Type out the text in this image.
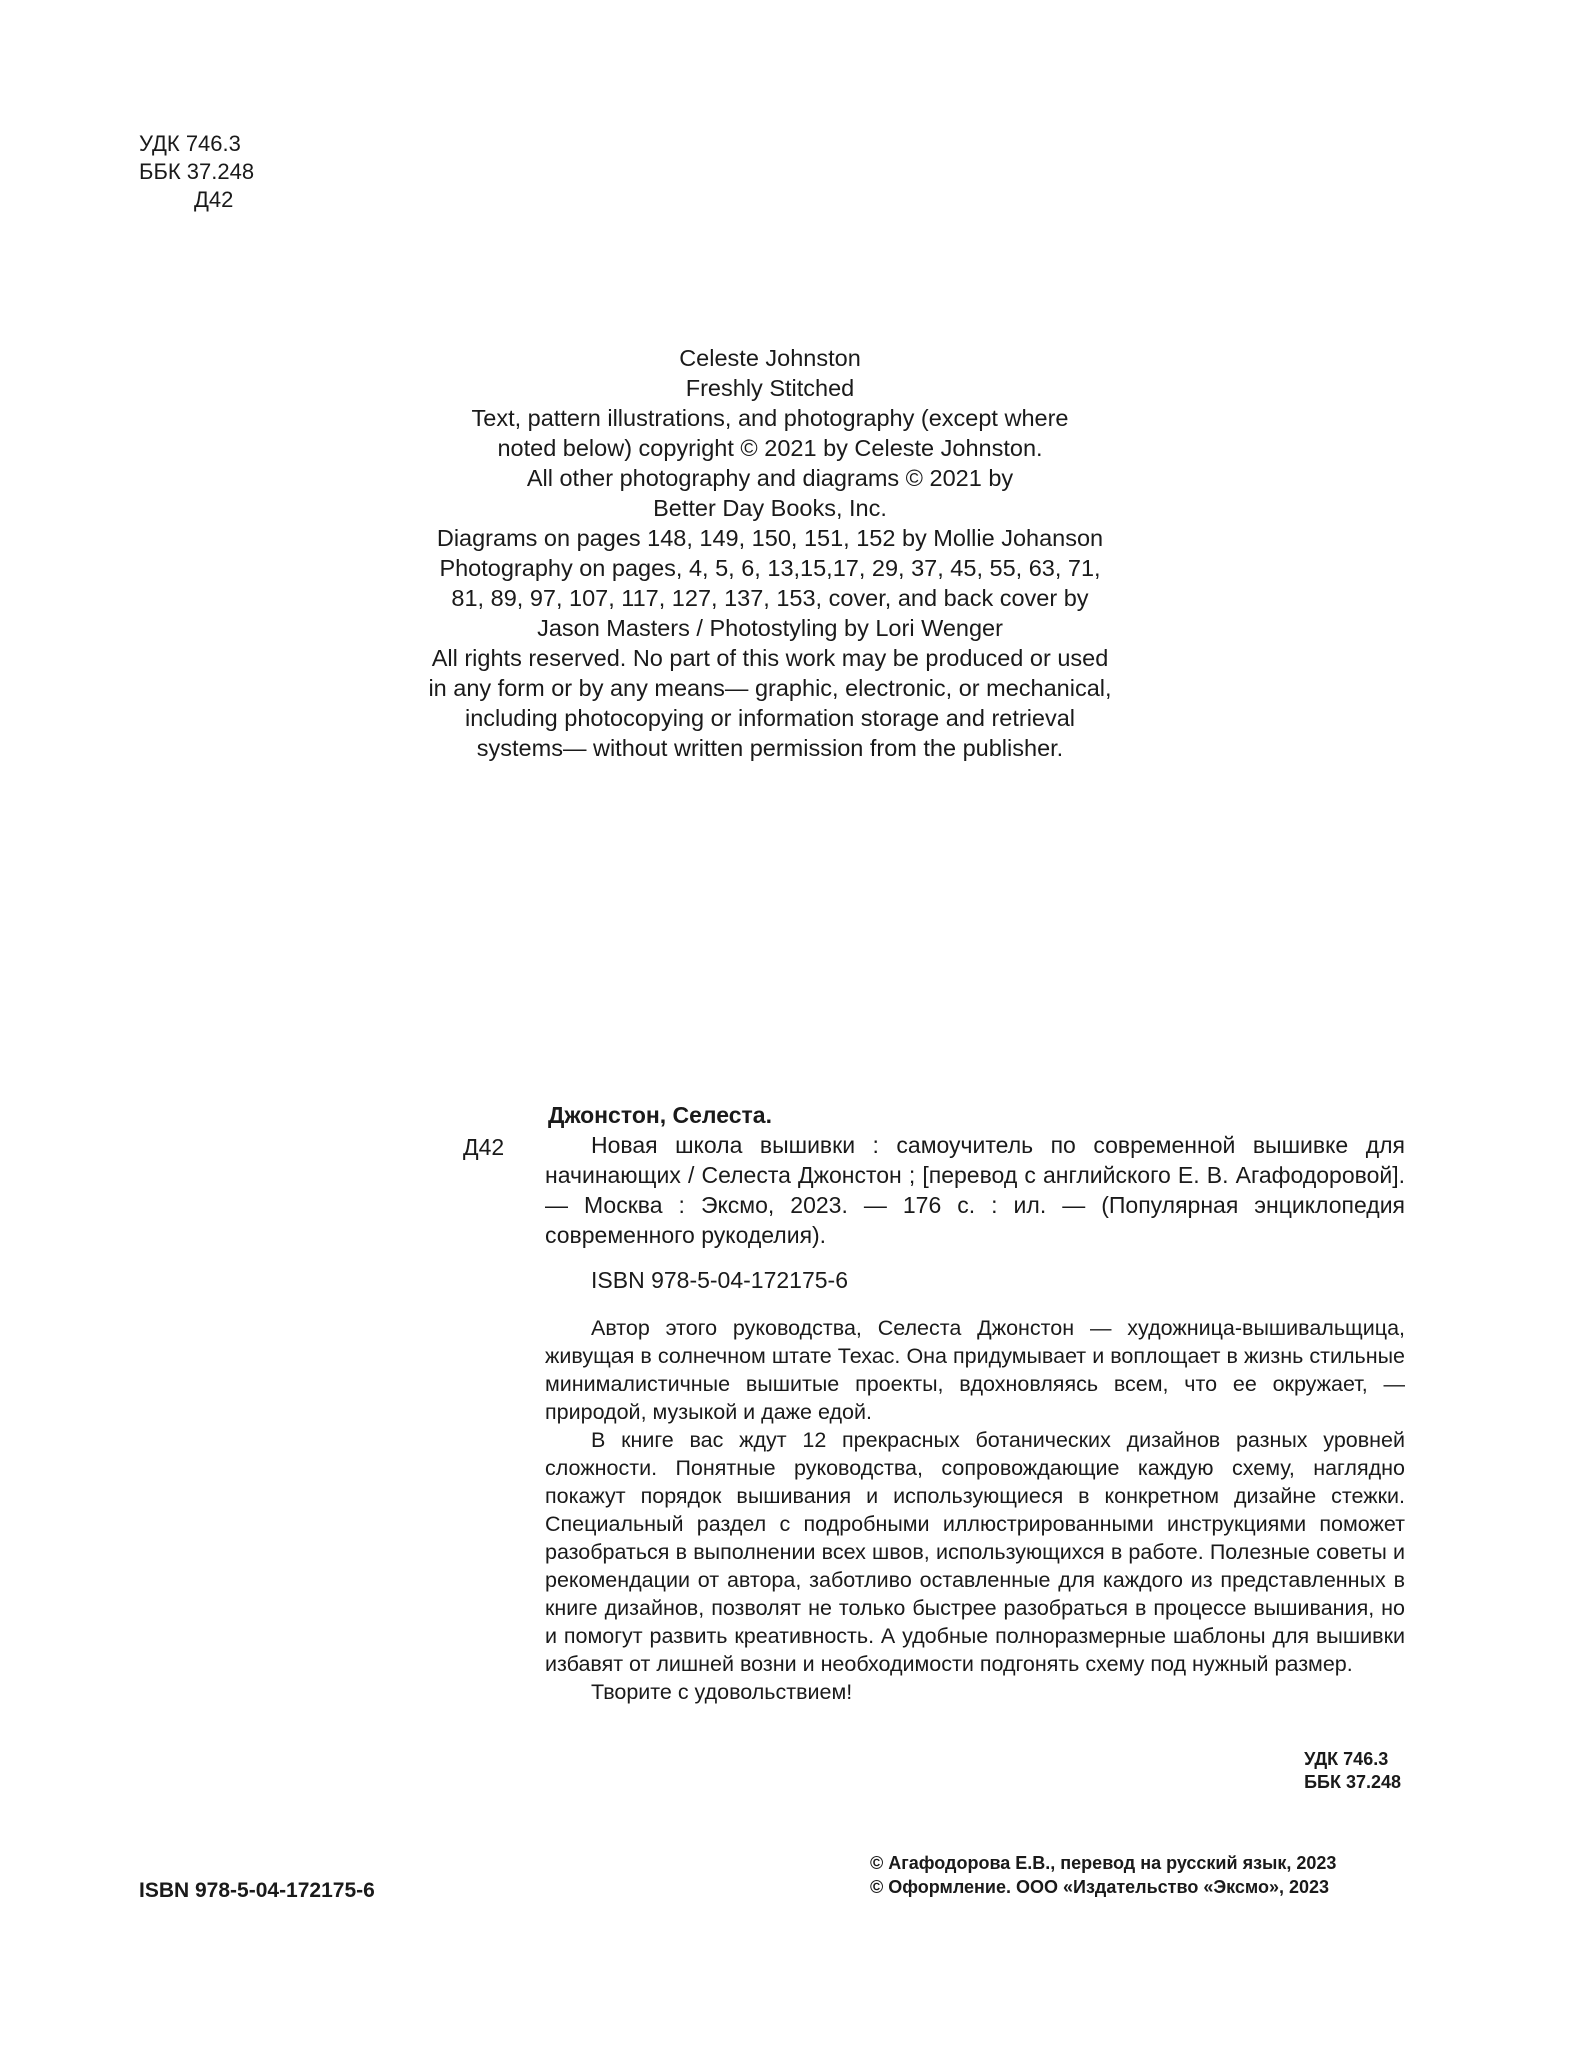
УДК 746.3
ББК 37.248
Д42
Celeste Johnston
Freshly Stitched
Text, pattern illustrations, and photography (except where
noted below) copyright © 2021 by Celeste Johnston.
All other photography and diagrams © 2021 by
Better Day Books, Inc.
Diagrams on pages 148, 149, 150, 151, 152 by Mollie Johanson
Photography on pages, 4, 5, 6, 13,15,17, 29, 37, 45, 55, 63, 71,
81, 89, 97, 107, 117, 127, 137, 153, cover, and back cover by
Jason Masters / Photostyling by Lori Wenger
All rights reserved. No part of this work may be produced or used
in any form or by any means— graphic, electronic, or mechanical,
including photocopying or information storage and retrieval
systems— without written permission from the publisher.
Джонстон, Селеста.
Д42	Новая школа вышивки : самоучитель по современной вышивке для начинающих / Селеста Джонстон ; [перевод с английского Е. В. Агафодоровой]. — Москва : Эксмо, 2023. — 176 с. : ил. — (Популярная энциклопедия современного рукоделия).
ISBN 978-5-04-172175-6

Автор этого руководства, Селеста Джонстон — художница-вышивальщица, живущая в солнечном штате Техас. Она придумывает и воплощает в жизнь стильные минималистичные вышитые проекты, вдохновляясь всем, что ее окружает, — природой, музыкой и даже едой.

В книге вас ждут 12 прекрасных ботанических дизайнов разных уровней сложности. Понятные руководства, сопровождающие каждую схему, наглядно покажут порядок вышивания и использующиеся в конкретном дизайне стежки. Специальный раздел с подробными иллюстрированными инструкциями поможет разобраться в выполнении всех швов, использующихся в работе. Полезные советы и рекомендации от автора, заботливо оставленные для каждого из представленных в книге дизайнов, позволят не только быстрее разобраться в процессе вышивания, но и помогут развить креативность. А удобные полноразмерные шаблоны для вышивки избавят от лишней возни и необходимости подгонять схему под нужный размер.

Творите с удовольствием!

УДК 746.3
ББК 37.248
ISBN 978-5-04-172175-6
© Агафодорова Е.В., перевод на русский язык, 2023
© Оформление. ООО «Издательство «Эксмо», 2023
